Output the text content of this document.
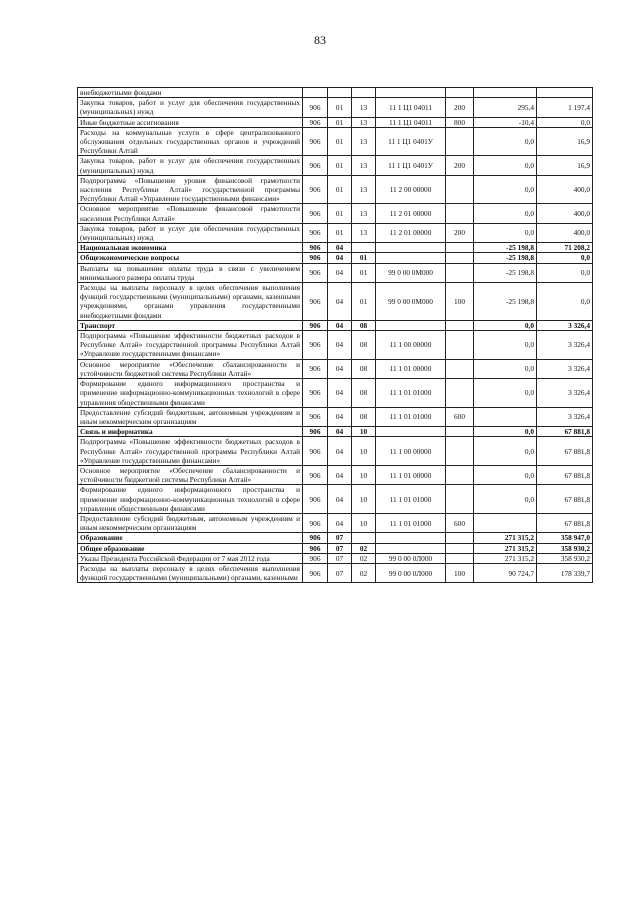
83
внебюджетными фондами							
Закупка товаров, работ и услуг для обеспечения государственных (муниципальных) нужд	906	01	13	11 1 Ц1 04011	200	295,4	1 197,4
Иные бюджетные ассигнования	906	01	13	11 1 Ц1 04011	800	-10,4	0,0
Расходы на коммунальные услуги в сфере централизованного обслуживания отдельных государственных органов и учреждений Республики Алтай	906	01	13	11 1 Ц1 0401У		0,0	16,9
Закупка товаров, работ и услуг для обеспечения государственных (муниципальных) нужд	906	01	13	11 1 Ц1 0401У	200	0,0	16,9
Подпрограмма «Повышение уровня финансовой грамотности населения Республики Алтай» государственной программы Республики Алтай «Управление государственными финансами»	906	01	13	11 2 00 00000		0,0	400,0
Основное мероприятие «Повышение финансовой грамотности населения Республики Алтай»	906	01	13	11 2 01 00000		0,0	400,0
Закупка товаров, работ и услуг для обеспечения государственных (муниципальных) нужд	906	01	13	11 2 01 00000	200	0,0	400,0
Национальная экономика	906	04				-25 198,8	71 208,2
Общеэкономические вопросы	906	04	01			-25 198,8	0,0
Выплаты на повышение оплаты труда в связи с увеличением минимального размера оплаты труда	906	04	01	99 0 00 0М000		-25 198,8	0,0
Расходы на выплаты персоналу в целях обеспечения выполнения функций государственными (муниципальными) органами, казенными учреждениями, органами управления государственными внебюджетными фондами	906	04	01	99 0 00 0М000	100	-25 198,8	0,0
Транспорт	906	04	08			0,0	3 326,4
Подпрограмма «Повышение эффективности бюджетных расходов в Республике Алтай» государственной программы Республики Алтай «Управление государственными финансами»	906	04	08	11 1 00 00000		0,0	3 326,4
Основное мероприятие «Обеспечение сбалансированности и устойчивости бюджетной системы Республики Алтай»	906	04	08	11 1 01 00000		0,0	3 326,4
Формирование единого информационного пространства и применение информационно-коммуникационных технологий в сфере управления общественными финансами	906	04	08	11 1 01 01000		0,0	3 326,4
Предоставление субсидий бюджетным, автономным учреждениям и иным некоммерческим организациям	906	04	08	11 1 01 01000	600		3 326,4
Связь и информатика	906	04	10			0,0	67 881,8
Подпрограмма «Повышение эффективности бюджетных расходов в Республике Алтай» государственной программы Республики Алтай «Управление государственными финансами»	906	04	10	11 1 00 00000		0,0	67 881,8
Основное мероприятие «Обеспечение сбалансированности и устойчивости бюджетной системы Республики Алтай»	906	04	10	11 1 01 00000		0,0	67 881,8
Формирование единого информационного пространства и применение информационно-коммуникационных технологий в сфере управления общественными финансами	906	04	10	11 1 01 01000		0,0	67 881,8
Предоставление субсидий бюджетным, автономным учреждениям и иным некоммерческим организациям	906	04	10	11 1 01 01000	600		67 881,8
Образование	906	07				271 315,2	358 947,0
Общее образование	906	07	02			271 315,2	358 930,2
Указы Президента Российской Федерации от 7 мая 2012 года	906	07	02	99 0 00 0Л000		271 315,2	358 930,2
Расходы на выплаты персоналу в целях обеспечения выполнения функций государственными (муниципальными) органами, казенными	906	07	02	99 0 00 0Л000	100	90 724,7	178 339,7
